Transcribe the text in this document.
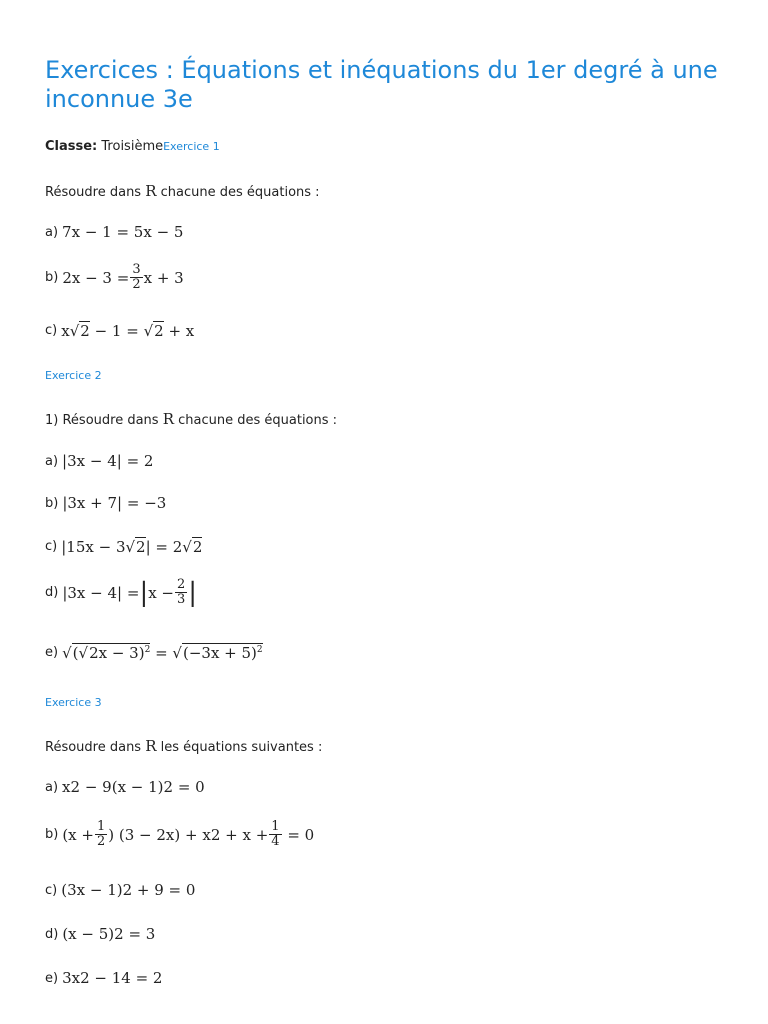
Exercices : Équations et inéquations du 1er degré à une inconnue 3e
Classe: TroisièmeExercice 1
Résoudre dans R chacune des équations :
a) 7x − 1 = 5x − 5
b) $2x - 3 = \frac{3}{2}$ x + 3
c) x √ 2 − 1 = √ 2 + x
Exercice 2
1) Résoudre dans R chacune des équations :
a) |3x − 4| = 2
b) |3x + 7| = −3
c) |15x − 3 √ 2 | = 2 √ 2
d) |3x − 4| = | $x - \frac{2}{3}$ |
e) √ $(√2x - 3)^2$ = √ $(-3x + 5)^2$
Exercice 3
Résoudre dans R les équations suivantes :
a) x 2 − 9(x − 1) 2 = 0
b) ($x + \frac{1}{2}$ ) (3 − 2x) + x $2 + x + \frac{1}{4} = 0$
c) (3x − 1) 2 + 9 = 0
d) (x − 5) 2 = 3
e) 3x 2 − 14 = 2
